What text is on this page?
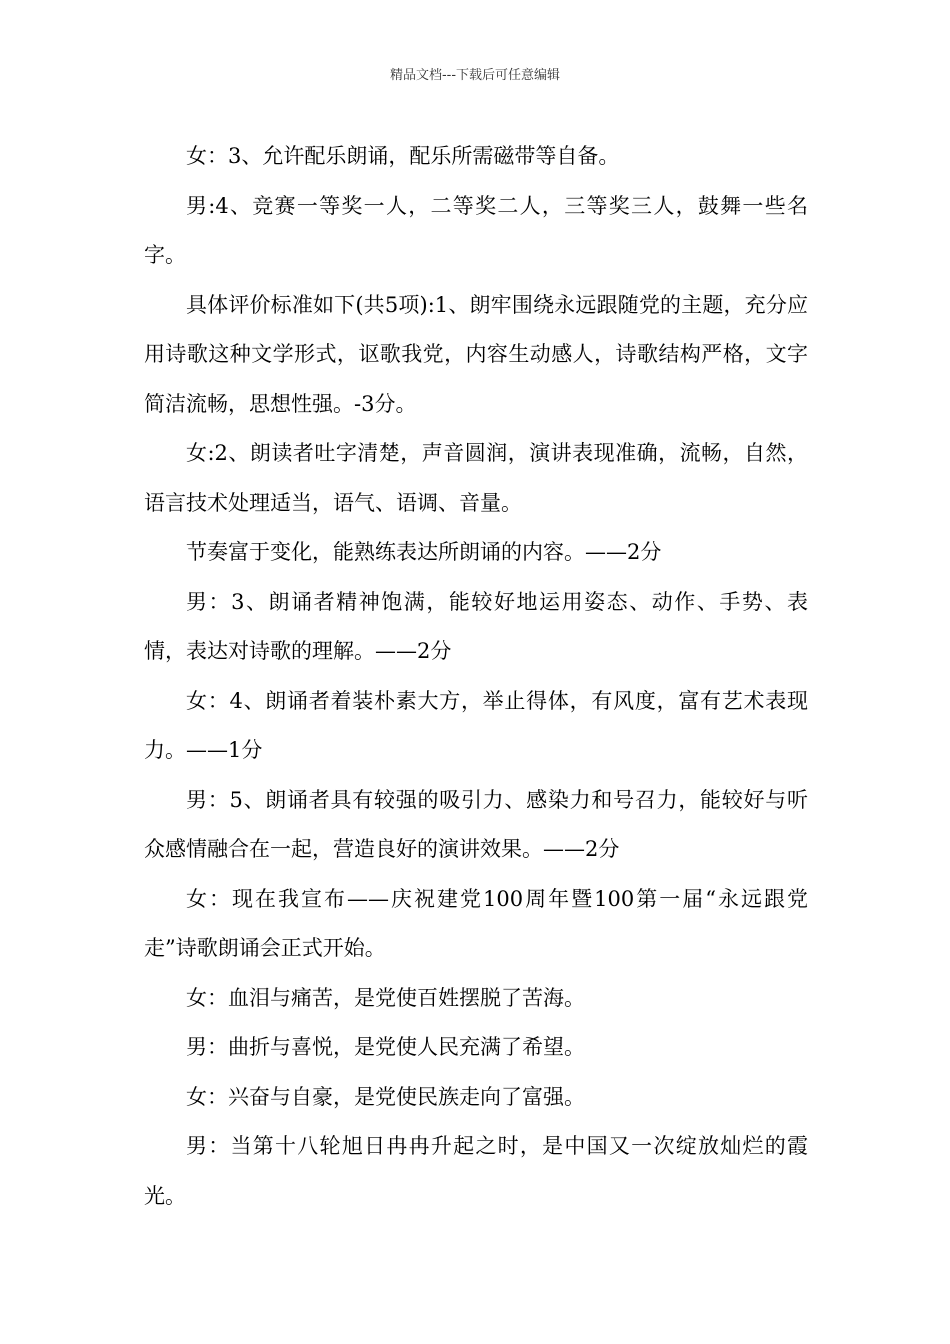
精品文档---下载后可任意编辑

女：3、允许配乐朗诵，配乐所需磁带等自备。

男:4、竞赛一等奖一人，二等奖二人，三等奖三人，鼓舞一些名字。

具体评价标准如下(共5项):1、朗牢围绕永远跟随党的主题，充分应用诗歌这种文学形式，讴歌我党，内容生动感人，诗歌结构严格，文字简洁流畅，思想性强。-3分。

女:2、朗读者吐字清楚，声音圆润，演讲表现准确，流畅，自然，语言技术处理适当，语气、语调、音量。

节奏富于变化，能熟练表达所朗诵的内容。——2分

男：3、朗诵者精神饱满，能较好地运用姿态、动作、手势、表情，表达对诗歌的理解。——2分

女：4、朗诵者着装朴素大方，举止得体，有风度，富有艺术表现力。——1分

男：5、朗诵者具有较强的吸引力、感染力和号召力，能较好与听众感情融合在一起，营造良好的演讲效果。——2分

女：现在我宣布——庆祝建党100周年暨100第一届“永远跟党走”诗歌朗诵会正式开始。

女：血泪与痛苦，是党使百姓摆脱了苦海。

男：曲折与喜悦，是党使人民充满了希望。

女：兴奋与自豪，是党使民族走向了富强。

男：当第十八轮旭日冉冉升起之时，是中国又一次绽放灿烂的霞光。
